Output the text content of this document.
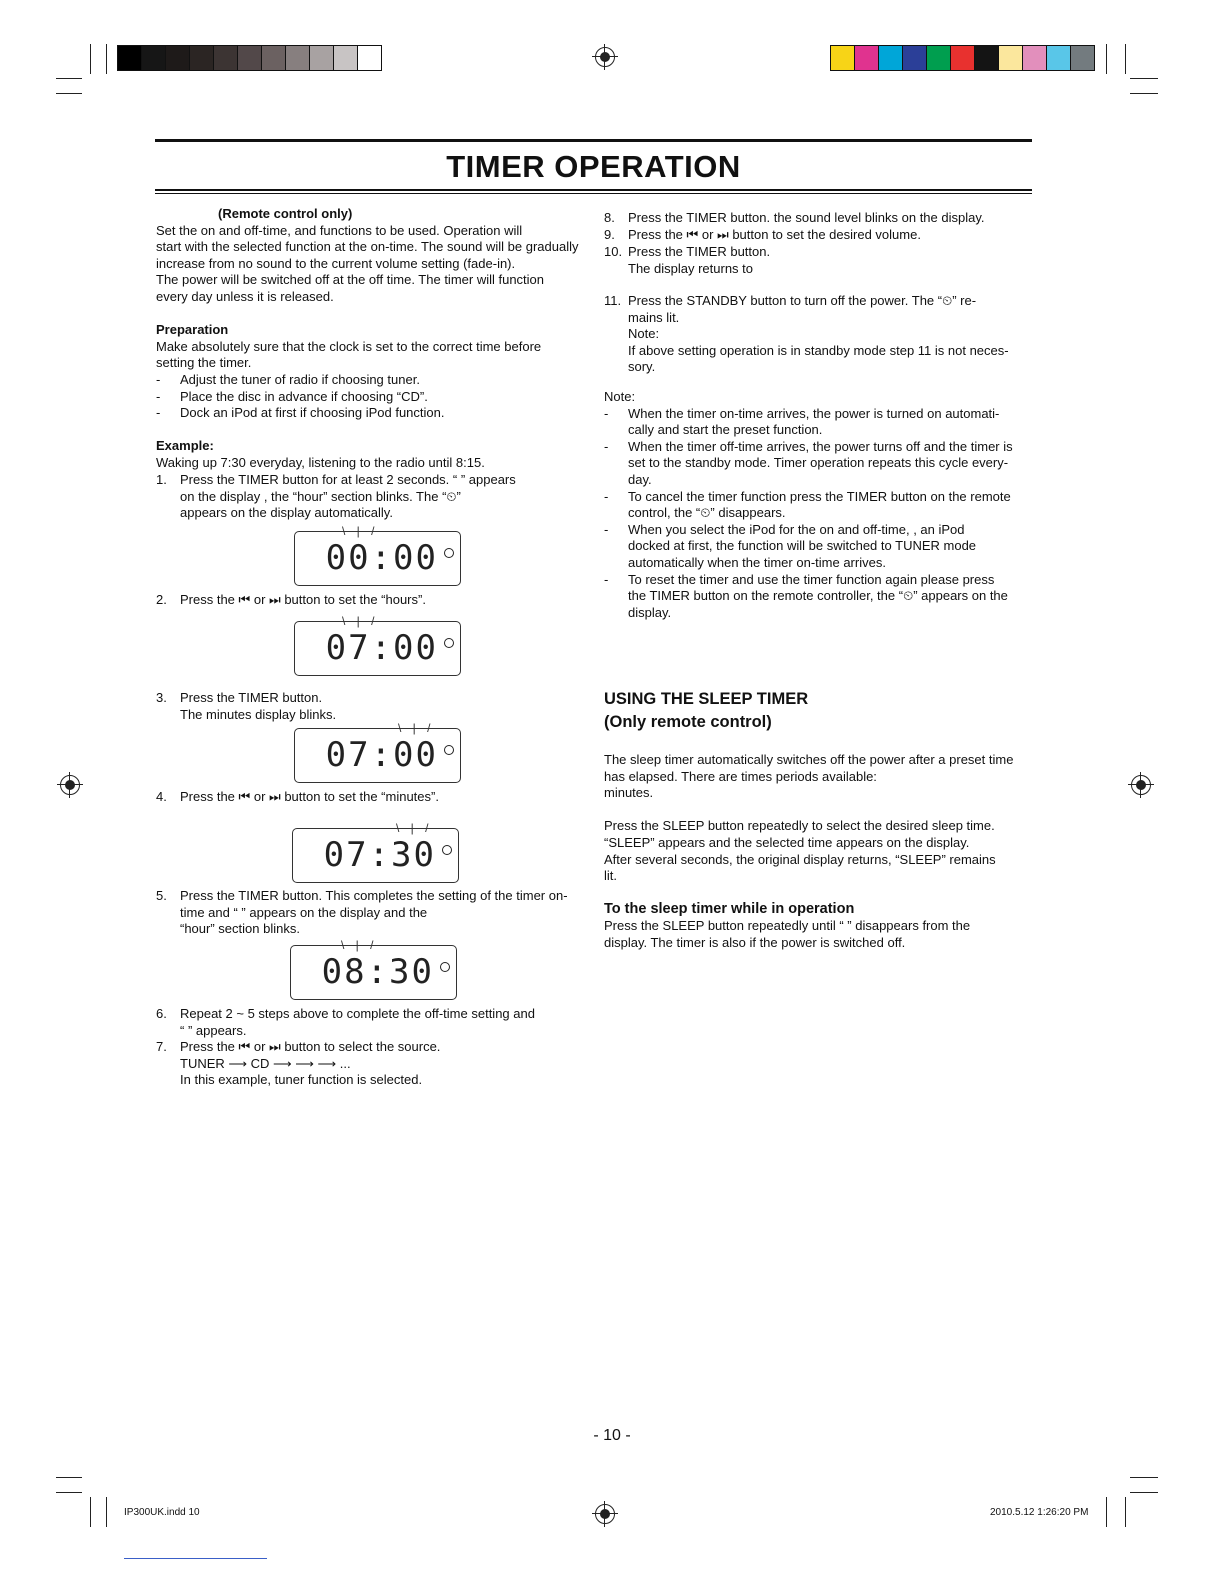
TIMER OPERATION

(Remote control only)

Set the on and off-time, and functions to be used. Operation will

start with the selected function at the on-time. The sound will be gradually

increase from no sound to the current volume setting (fade-in).

The power will be switched off at the off time. The timer will function

every day unless it is released.

Preparation

Make absolutely sure that the clock is set to the correct time before

setting the timer.

-	Adjust the tuner of radio if choosing tuner.
-	Place the disc in advance if choosing “CD”.
-	Dock an iPod at first if choosing iPod function.

Example:

Waking up 7:30 everyday, listening to the radio until 8:15.

1.	Press the TIMER button for at least 2 seconds. “ ” appears
on the display , the “hour” section blinks. The “⏲”
appears on the display automatically.
2.	Press the ⏮ or ⏭ button to set the “hours”.
3.	Press the TIMER button.
The minutes display blinks.
4.	Press the ⏮ or ⏭ button to set the “minutes”.
5.	Press the TIMER button. This completes the setting of the timer on-
time and “ ” appears on the display and the
“hour” section blinks.
6.	Repeat 2 ~ 5 steps above to complete the off-time setting and
“ ” appears.
7.	Press the ⏮ or ⏭ button to select the source.
TUNER ⟶ CD ⟶ ⟶ ⟶ ...
In this example, tuner function is selected.
\ | /
00:00
\ | /
07:00
\ | /
07:00
\ | /
07:30
\ | /
08:30
8.	Press the TIMER button. the sound level blinks on the display.
9.	Press the ⏮ or ⏭ button to set the desired volume.
10. Press the TIMER button.
The display returns to
11. Press the STANDBY button to turn off the power. The “⏲” re-
mains lit.
Note:
If above setting operation is in standby mode step 11 is not neces-
sory.

Note:

-	When the timer on-time arrives, the power is turned on automati-
cally and start the preset function.
-	When the timer off-time arrives, the power turns off and the timer is
set to the standby mode. Timer operation repeats this cycle every-
day.
-	To cancel the timer function press the TIMER button on the remote
control, the “⏲” disappears.
-	When you select the iPod for the on and off-time, , an iPod
docked at first, the function will be switched to TUNER mode
automatically when the timer on-time arrives.
-	To reset the timer and use the timer function again please press
the TIMER button on the remote controller, the “⏲” appears on the
display.
USING THE SLEEP TIMER
(Only remote control)

The sleep timer automatically switches off the power after a preset time

has elapsed. There are times periods available:

minutes.

Press the SLEEP button repeatedly to select the desired sleep time.

“SLEEP” appears and the selected time appears on the display.

After several seconds, the original display returns, “SLEEP” remains

lit.

To the sleep timer while in operation

Press the SLEEP button repeatedly until “ ” disappears from the

display. The timer is also if the power is switched off.

- 10 -
IP300UK.indd 10	2010.5.12 1:26:20 PM
